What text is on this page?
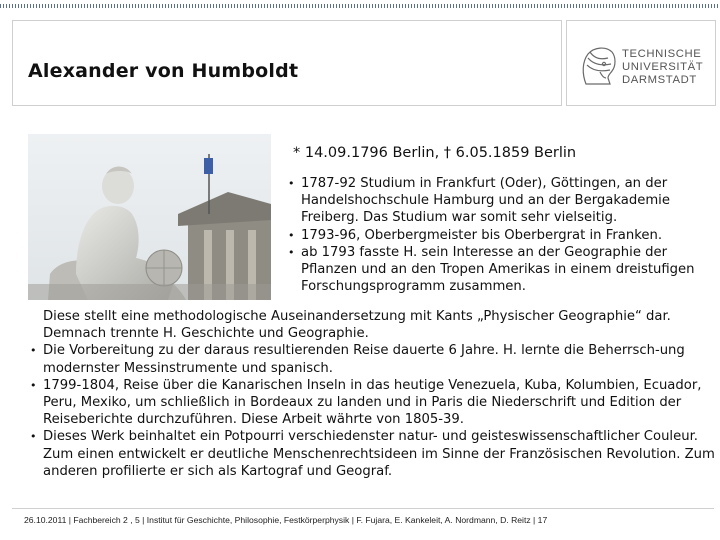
Alexander von Humboldt
TECHNISCHE
UNIVERSITÄT
DARMSTADT
* 14.09.1796 Berlin, † 6.05.1859 Berlin
• 1787-92 Studium in Frankfurt (Oder), Göttingen, an der Handelshochschule Hamburg und an der Bergakademie Freiberg. Das Studium war somit sehr vielseitig.
• 1793-96, Oberbergmeister bis Oberbergrat in Franken.
• ab 1793 fasste H. sein Interesse an der Geographie der Pflanzen und an den Tropen Amerikas in einem dreistufigen Forschungsprogramm zusammen.
Diese stellt eine methodologische Auseinandersetzung mit Kants „Physischer Geographie“ dar. Demnach trennte H. Geschichte und Geographie.
• Die Vorbereitung zu der daraus resultierenden Reise dauerte 6 Jahre. H. lernte die Beherrsch-ung modernster Messinstrumente und spanisch.
• 1799-1804, Reise über die Kanarischen Inseln in das heutige Venezuela, Kuba, Kolumbien, Ecuador, Peru, Mexiko, um schließlich in Bordeaux zu landen und in Paris die Niederschrift und Edition der Reiseberichte durchzuführen. Diese Arbeit währte von 1805-39.
• Dieses Werk beinhaltet ein Potpourri verschiedenster natur- und geisteswissenschaftlicher Couleur. Zum einen entwickelt er deutliche Menschenrechtsideen im Sinne der Französischen Revolution. Zum anderen profilierte er sich als Kartograf und Geograf.
26.10.2011 | Fachbereich 2 , 5 | Institut für Geschichte, Philosophie, Festkörperphysik | F. Fujara, E. Kankeleit, A. Nordmann, D. Reitz | 17
